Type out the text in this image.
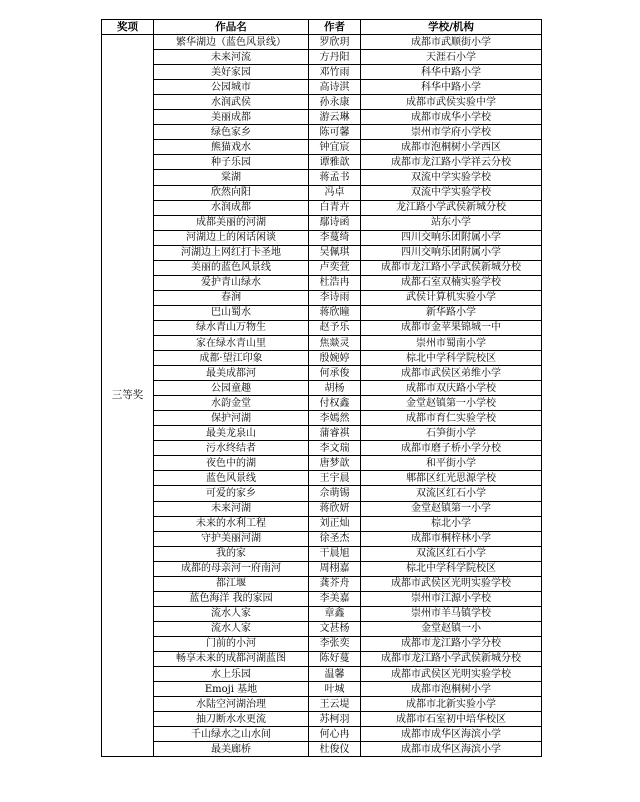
奖项	作品名	作者	学校/机构
三等奖	繁华湖边（蓝色风景线）	罗欣玥	成都市武顺街小学
	未来河流	方丹阳	天涯石小学
	美好家园	邓竹雨	科华中路小学
	公园城市	高诗淇	科华中路小学
	水润武侯	孙永康	成都市武侯实验中学
	美丽成都	游云琳	成都市成华小学校
	绿色家乡	陈可馨	崇州市学府小学校
	熊猫戏水	钟宜宸	成都市泡桐树小学西区
	种子乐园	谭雅歆	成都市龙江路小学祥云分校
	棠湖	蒋孟书	双流中学实验学校
	欣然向阳	冯卓	双流中学实验学校
	水润成都	白青卉	龙江路小学武侯新城分校
	成都美丽的河湖	鄢诗函	站东小学
	河湖边上的闲话闲谈	李蔓绮	四川交响乐团附属小学
	河湖边上网红打卡圣地	吴佩琪	四川交响乐团附属小学
	美丽的蓝色风景线	卢奕萱	成都市龙江路小学武侯新城分校
	爱护青山绿水	杜浩冉	成都石室双楠实验学校
	春涧	李诗雨	武侯计算机实验小学
	巴山蜀水	蒋欣瞳	新华路小学
	绿水青山万物生	赵予乐	成都市金苹果锦城一中
	家在绿水青山里	焦燚灵	崇州市蜀南小学
	成都·望江印象	殷婉婷	棕北中学科学院校区
	最美成都河	何承俊	成都市武侯区弟维小学
	公园童趣	胡杨	成都市双庆路小学校
	水韵金堂	付权鑫	金堂赵镇第一小学校
	保护河湖	李嫣然	成都市育仁实验学校
	最美龙泉山	蒲睿祺	石笋街小学
	污水终结者	李文瑞	成都市磨子桥小学分校
	夜色中的湖	唐梦歆	和平街小学
	蓝色风景线	王宇晨	郫都区红光思源学校
	可爱的家乡	佘萌锡	双流区红石小学
	未来河湖	蒋欣妍	金堂赵镇第一小学
	未来的水利工程	刘正灿	棕北小学
	守护美丽河湖	徐圣杰	成都市桐梓林小学
	我的家	干晨旭	双流区红石小学
	成都的母亲河一府南河	周栩嘉	棕北中学科学院校区
	都江堰	龚芥舟	成都市武侯区光明实验学校
	蓝色海洋 我的家园	李美嘉	崇州市江源小学校
	流水人家	章鑫	崇州市羊马镇学校
	流水人家	文甚杨	金堂赵镇一小
	门前的小河	李张奕	成都市龙江路小学分校
	畅享未来的成都河湖蓝图	陈好蔓	成都市龙江路小学武侯新城分校
	水上乐园	温馨	成都市武侯区光明实验学校
	Emoji 基地	叶城	成都市泡桐树小学
	水陆空河湖治理	王云堤	成都市北新实验小学
	抽刀断水水更流	苏柯羽	成都市石室初中培华校区
	千山绿水之山水间	何心冉	成都市成华区海滨小学
	最美廊桥	杜俊仪	成都市成华区海滨小学
